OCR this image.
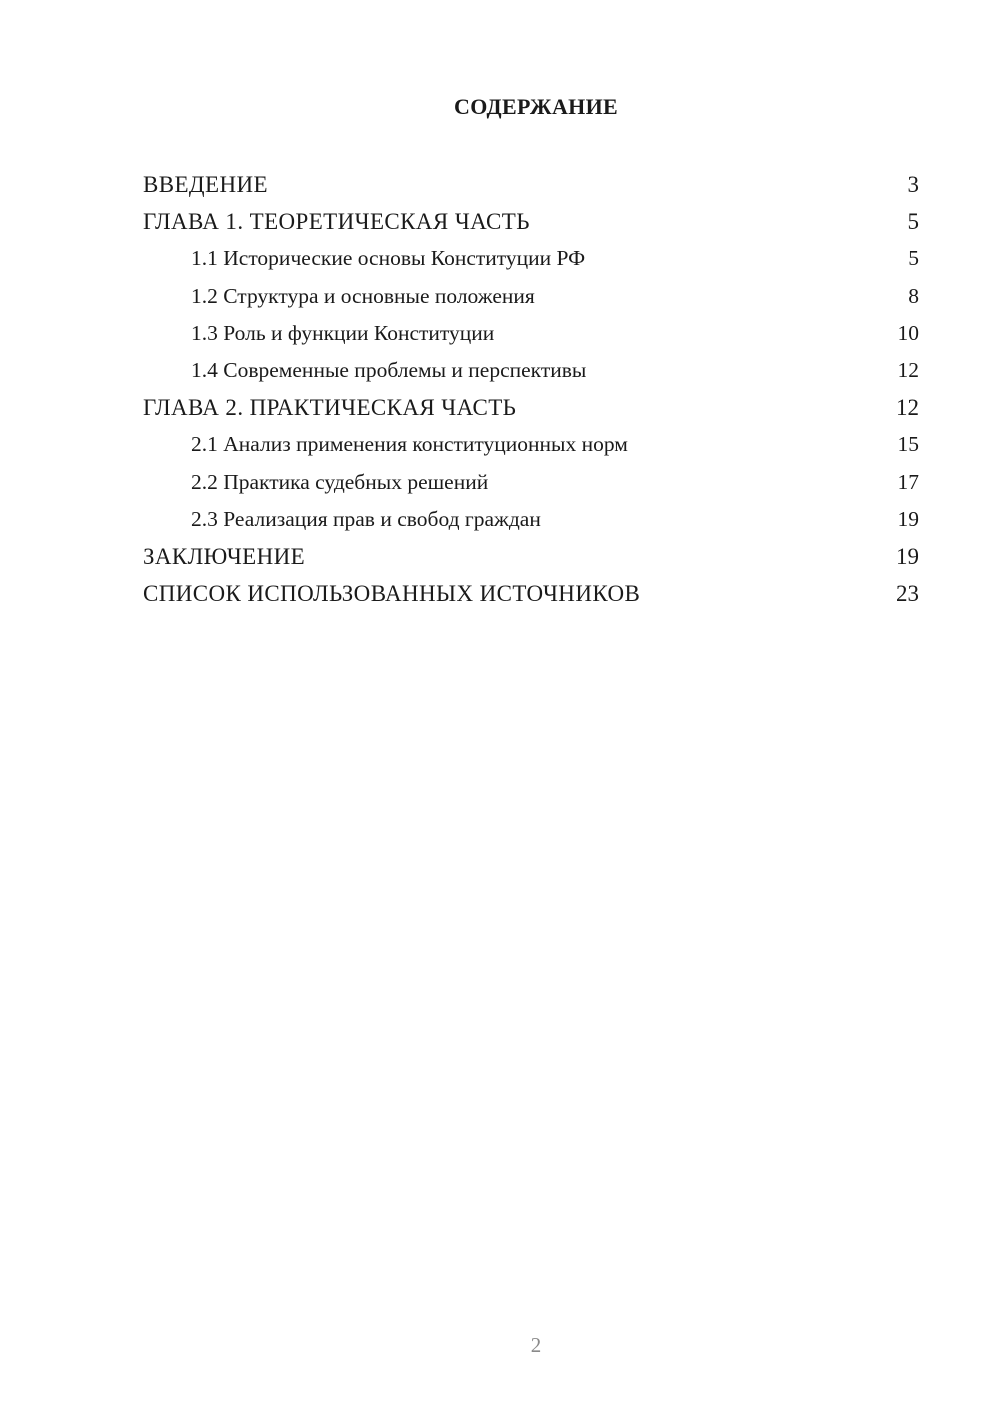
СОДЕРЖАНИЕ
ВВЕДЕНИЕ	3
ГЛАВА 1. ТЕОРЕТИЧЕСКАЯ ЧАСТЬ	5
1.1 Исторические основы Конституции РФ	5
1.2 Структура и основные положения	8
1.3 Роль и функции Конституции	10
1.4 Современные проблемы и перспективы	12
ГЛАВА 2. ПРАКТИЧЕСКАЯ ЧАСТЬ	12
2.1 Анализ применения конституционных норм	15
2.2 Практика судебных решений	17
2.3 Реализация прав и свобод граждан	19
ЗАКЛЮЧЕНИЕ	19
СПИСОК ИСПОЛЬЗОВАННЫХ ИСТОЧНИКОВ	23
2
